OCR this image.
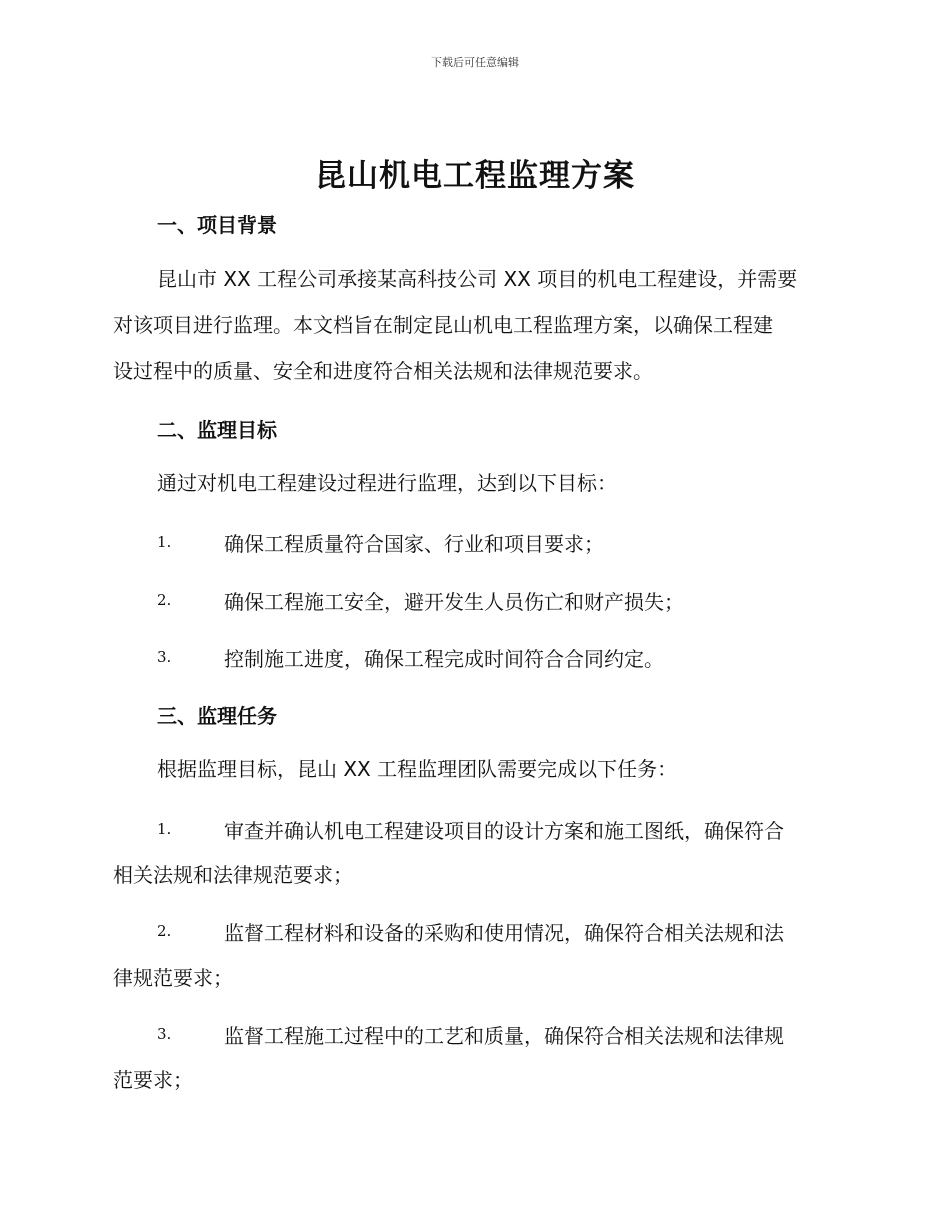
下载后可任意编辑
昆山机电工程监理方案
一、项目背景
昆山市 XX 工程公司承接某高科技公司 XX 项目的机电工程建设，并需要
对该项目进行监理。本文档旨在制定昆山机电工程监理方案，以确保工程建
设过程中的质量、安全和进度符合相关法规和法律规范要求。
二、监理目标
通过对机电工程建设过程进行监理，达到以下目标：
1.	确保工程质量符合国家、行业和项目要求；
2.	确保工程施工安全，避开发生人员伤亡和财产损失；
3.	控制施工进度，确保工程完成时间符合合同约定。
三、监理任务
根据监理目标，昆山 XX 工程监理团队需要完成以下任务：
1.	审查并确认机电工程建设项目的设计方案和施工图纸，确保符合
相关法规和法律规范要求；
2.	监督工程材料和设备的采购和使用情况，确保符合相关法规和法
律规范要求；
3.	监督工程施工过程中的工艺和质量，确保符合相关法规和法律规
范要求；
